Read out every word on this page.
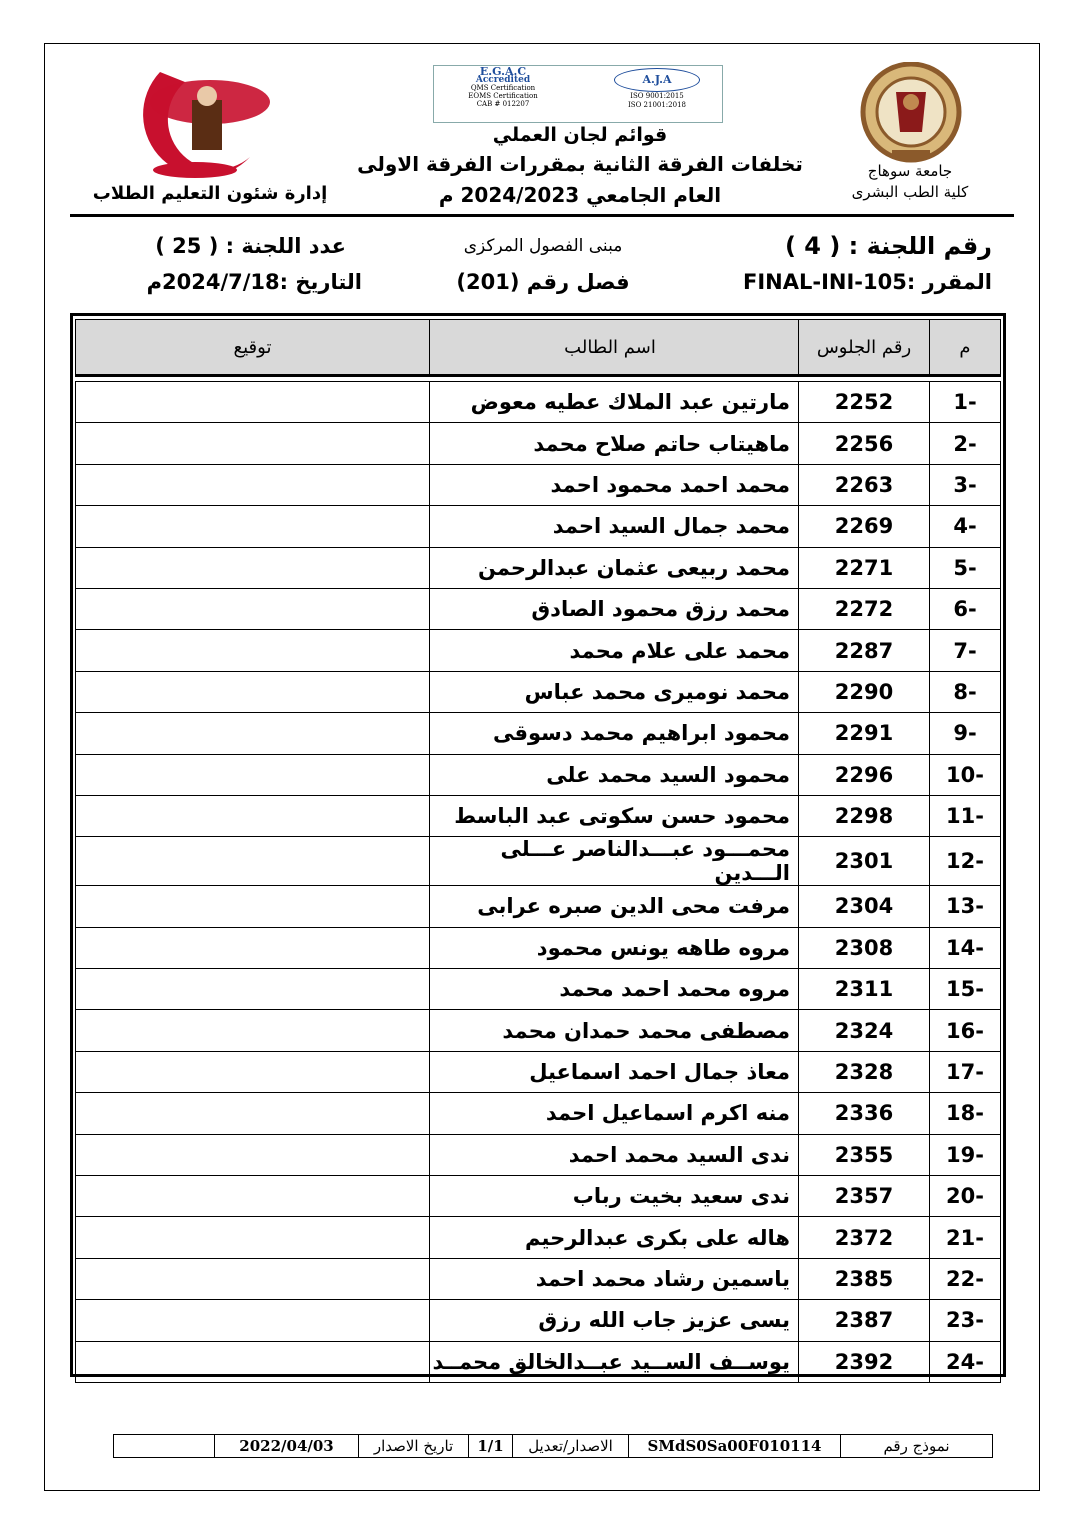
E.G.A.C
Accredited
QMS Certification
EOMS Certification
CAB # 012207
A.J.A
ISO 9001:2015
ISO 21001:2018
قوائم لجان العملي
تخلفات الفرقة الثانية بمقررات الفرقة الاولى
العام الجامعي 2024/2023 م
إدارة شئون التعليم الطلاب
جامعة سوهاج
كلية الطب البشرى
رقم اللجنة : ( 4 )
المقرر :FINAL-INI-105
مبنى الفصول المركزى
فصل رقم (201)
عدد اللجنة : ( 25 )
التاريخ :2024/7/18م
م	رقم الجلوس	اسم الطالب	توقيع

1-	2252	مارتين عبد الملاك عطيه معوض	
2-	2256	ماهيتاب حاتم صلاح محمد	
3-	2263	محمد احمد محمود احمد	
4-	2269	محمد جمال السيد احمد	
5-	2271	محمد ربيعى عثمان عبدالرحمن	
6-	2272	محمد رزق محمود الصادق	
7-	2287	محمد على علام محمد	
8-	2290	محمد نوميرى محمد عباس	
9-	2291	محمود ابراهيم محمد دسوقى	
10-	2296	محمود السيد محمد على	
11-	2298	محمود حسن سكوتى عبد الباسط	
12-	2301	محمـــود عبـــدالناصر عـــلى الـــدين	
13-	2304	مرفت محى الدين صبره عرابى	
14-	2308	مروه طاهه يونس محمود	
15-	2311	مروه محمد احمد محمد	
16-	2324	مصطفى محمد حمدان محمد	
17-	2328	معاذ جمال احمد اسماعيل	
18-	2336	منه اكرم اسماعيل احمد	
19-	2355	ندى السيد محمد احمد	
20-	2357	ندى سعيد بخيت رباب	
21-	2372	هاله على بكرى عبدالرحيم	
22-	2385	ياسمين رشاد محمد احمد	
23-	2387	يسى عزيز جاب الله رزق	
24-	2392	يوســف الســيد عبــدالخالق محمــد	
نموذج رقم
SMdS0Sa00F010114
الاصدار/تعديل
1/1
تاريخ الاصدار
2022/04/03
